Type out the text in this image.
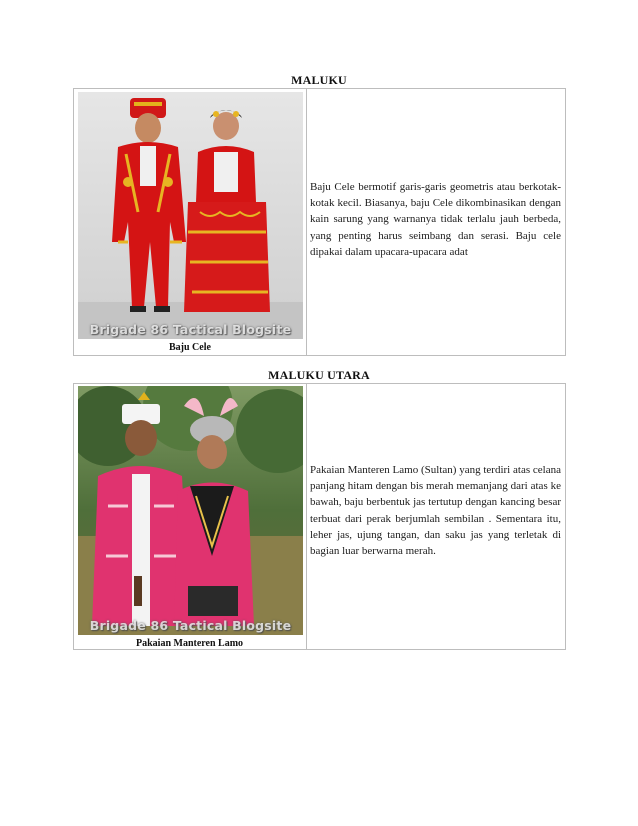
MALUKU
Brigade 86 Tactical Blogsite
Baju Cele
Baju Cele bermotif garis-garis geometris atau berkotak-kotak kecil. Biasanya, baju Cele dikombinasikan dengan kain sarung yang warnanya tidak terlalu jauh berbeda, yang penting harus seimbang dan serasi. Baju cele dipakai dalam upacara-upacara adat
MALUKU UTARA
Brigade 86 Tactical Blogsite
Pakaian Manteren Lamo
Pakaian Manteren Lamo (Sultan) yang terdiri atas celana panjang hitam dengan bis merah memanjang dari atas ke bawah, baju berbentuk jas tertutup dengan kancing besar terbuat dari perak berjumlah sembilan . Sementara itu, leher jas, ujung tangan, dan saku jas yang terletak di bagian luar berwarna merah.
